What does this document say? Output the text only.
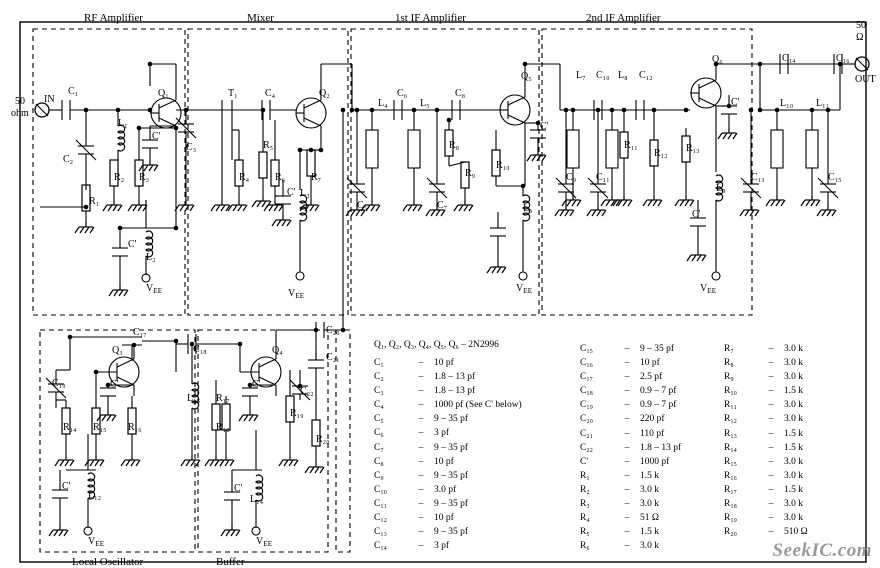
RF Amplifier	Mixer	1st IF Amplifier	2nd IF Amplifier
Local Oscillator	Buffer
50
ohm
IN
50
Ω
OUT
Q₁	Q₂
Q₃	Q₄
Q₅
Q₆
C₁
C₂
C₃
C₄
C₅
C₆
C₇
C₈
C₉
C₁₀
C₁₁
C₁₂
C₁₃
C₁₄
C₁₅
C₁₆
C₁₇
C₁₈
C₁₉
C₂₀
C₂₁
C₂₂
T₁
L₁
L₂
L₃
L₄	L₅
L₆
L₇	L₈
L₉
L₁₀ L₁₁
L₁₂
L₁₃
L₁₄
R₁
R₂ R₃	R₄
R₅
R₆	R₇
R₈
R₉
R₁₀
R₁₁
R₁₂ R₁₃
R₁₄ R₁₅ R₁₆
R₁₇
R₁₈
R₁₉
R₂₀
$V_{EE}$	$V_{EE}$
$V_{EE}$	$V_{EE}$
$V_{EE}$	$V_{EE}$
C'
C'
C'
C'
C'
C'
C'	C'
C'	C'
Q₁, Q₂, Q₃, Q₄, Q₅, Q₆ – 2N2996
C₁	– 10 pf
C₂	– 1.8 – 13 pf
C₃	– 1.8 – 13 pf
C₄	– 1000 pf (See C' below)
C₅	– 9 – 35 pf
C₆	– 3 pf
C₇	– 9 – 35 pf
C₈	– 10 pf
C₉	– 9 – 35 pf
C₁₀	– 3.0 pf
C₁₁	– 9 – 35 pf
C₁₂	– 10 pf
C₁₃	– 9 – 35 pf
C₁₄	– 3 pf
C₁₅	– 9 – 35 pf
C₁₆	– 10 pf
C₁₇	– 2.5 pf
C₁₈	– 0.9 – 7 pf
C₁₉	– 0.9 – 7 pf
C₂₀	– 220 pf
C₂₁	– 110 pf
C₂₂	– 1.8 – 13 pf
C'	– 1000 pf
R₁	– 1.5 k
R₂	– 3.0 k
R₃	– 3.0 k
R₄	– 51 Ω
R₅	– 1.5 k
R₆	– 3.0 k
R₇	– 3.0 k
R₈	– 3.0 k
R₉	– 3.0 k
R₁₀	– 1.5 k
R₁₁	– 3.0 k
R₁₂	– 3.0 k
R₁₃	– 1.5 k
R₁₄	– 1.5 k
R₁₅	– 3.0 k
R₁₆	– 3.0 k
R₁₇	– 1.5 k
R₁₈	– 3.0 k
R₁₉	– 3.0 k
R₂₀	– 510 Ω
SeekIC.com
